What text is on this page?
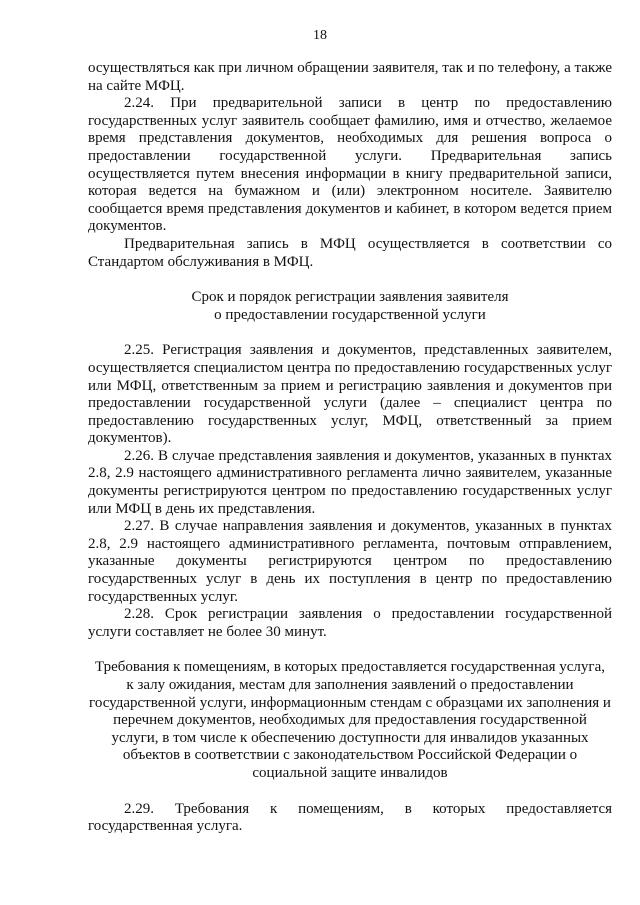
18

осуществляться как при личном обращении заявителя, так и по телефону, а также на сайте МФЦ.

2.24. При предварительной записи в центр по предоставлению государственных услуг заявитель сообщает фамилию, имя и отчество, желаемое время представления документов, необходимых для решения вопроса о предоставлении государственной услуги. Предварительная запись осуществляется путем внесения информации в книгу предварительной записи, которая ведется на бумажном и (или) электронном носителе. Заявителю сообщается время представления документов и кабинет, в котором ведется прием документов.

Предварительная запись в МФЦ осуществляется в соответствии со Стандартом обслуживания в МФЦ.

Срок и порядок регистрации заявления заявителя
о предоставлении государственной услуги

2.25. Регистрация заявления и документов, представленных заявителем, осуществляется специалистом центра по предоставлению государственных услуг или МФЦ, ответственным за прием и регистрацию заявления и документов при предоставлении государственной услуги (далее – специалист центра по предоставлению государственных услуг, МФЦ, ответственный за прием документов).

2.26. В случае представления заявления и документов, указанных в пунктах 2.8, 2.9 настоящего административного регламента лично заявителем, указанные документы регистрируются центром по предоставлению государственных услуг или МФЦ в день их представления.

2.27. В случае направления заявления и документов, указанных в пунктах 2.8, 2.9 настоящего административного регламента, почтовым отправлением, указанные документы регистрируются центром по предоставлению государственных услуг в день их поступления в центр по предоставлению государственных услуг.

2.28. Срок регистрации заявления о предоставлении государственной услуги составляет не более 30 минут.

Требования к помещениям, в которых предоставляется государственная услуга,
к залу ожидания, местам для заполнения заявлений о предоставлении
государственной услуги, информационным стендам с образцами их заполнения и
перечнем документов, необходимых для предоставления государственной
услуги, в том числе к обеспечению доступности для инвалидов указанных
объектов в соответствии с законодательством Российской Федерации о
социальной защите инвалидов

2.29. Требования к помещениям, в которых предоставляется государственная услуга.
